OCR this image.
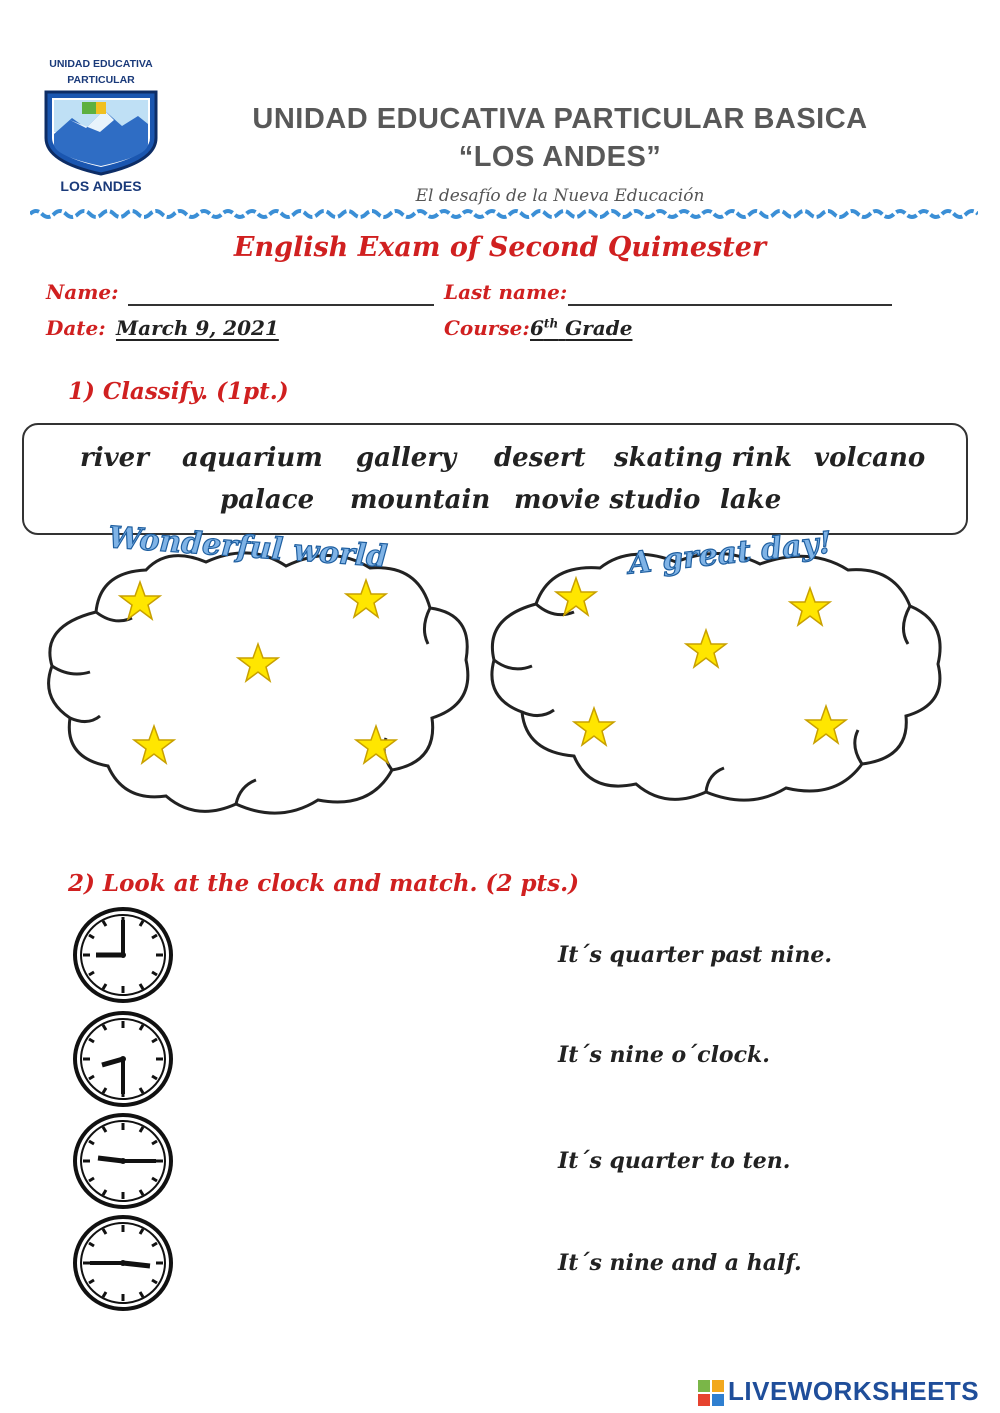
UNIDAD EDUCATIVA
PARTICULAR
LOS ANDES
UNIDAD EDUCATIVA PARTICULAR BASICA
“LOS ANDES”
El desafío de la Nueva Educación
English Exam of Second Quimester
Name:	Last name:
Date: March 9, 2021	Course: 6th Grade
1) Classify. (1pt.)
river aquarium gallery desert skating rink volcano
palace mountain movie studio lake
Wonderful world	A great day!
2) Look at the clock and match. (2 pts.)
It´s quarter past nine.
It´s nine o´clock.
It´s quarter to ten.
It´s nine and a half.
LIVEWORKSHEETS
